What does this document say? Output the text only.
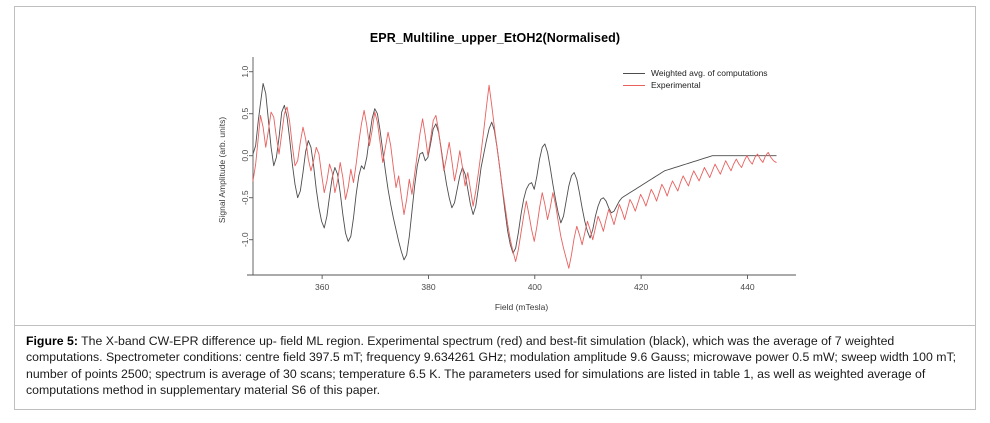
EPR_Multiline_upper_EtOH2(Normalised)
360	380	400	420	440
-1.0
-0.5
0.0
0.5
1.0
Field (mTesla)
Signal Amplitude (arb. units)
Weighted avg. of computations
Experimental
Figure 5: The X-band CW-EPR difference up- field ML region. Experimental spectrum (red) and best-fit simulation (black), which was the average of 7 weighted computations. Spectrometer conditions: centre field 397.5 mT; frequency 9.634261 GHz; modulation amplitude 9.6 Gauss; microwave power 0.5 mW; sweep width 100 mT; number of points 2500; spectrum is average of 30 scans; temperature 6.5 K. The parameters used for simulations are listed in table 1, as well as weighted average of computations method in supplementary material S6 of this paper.
